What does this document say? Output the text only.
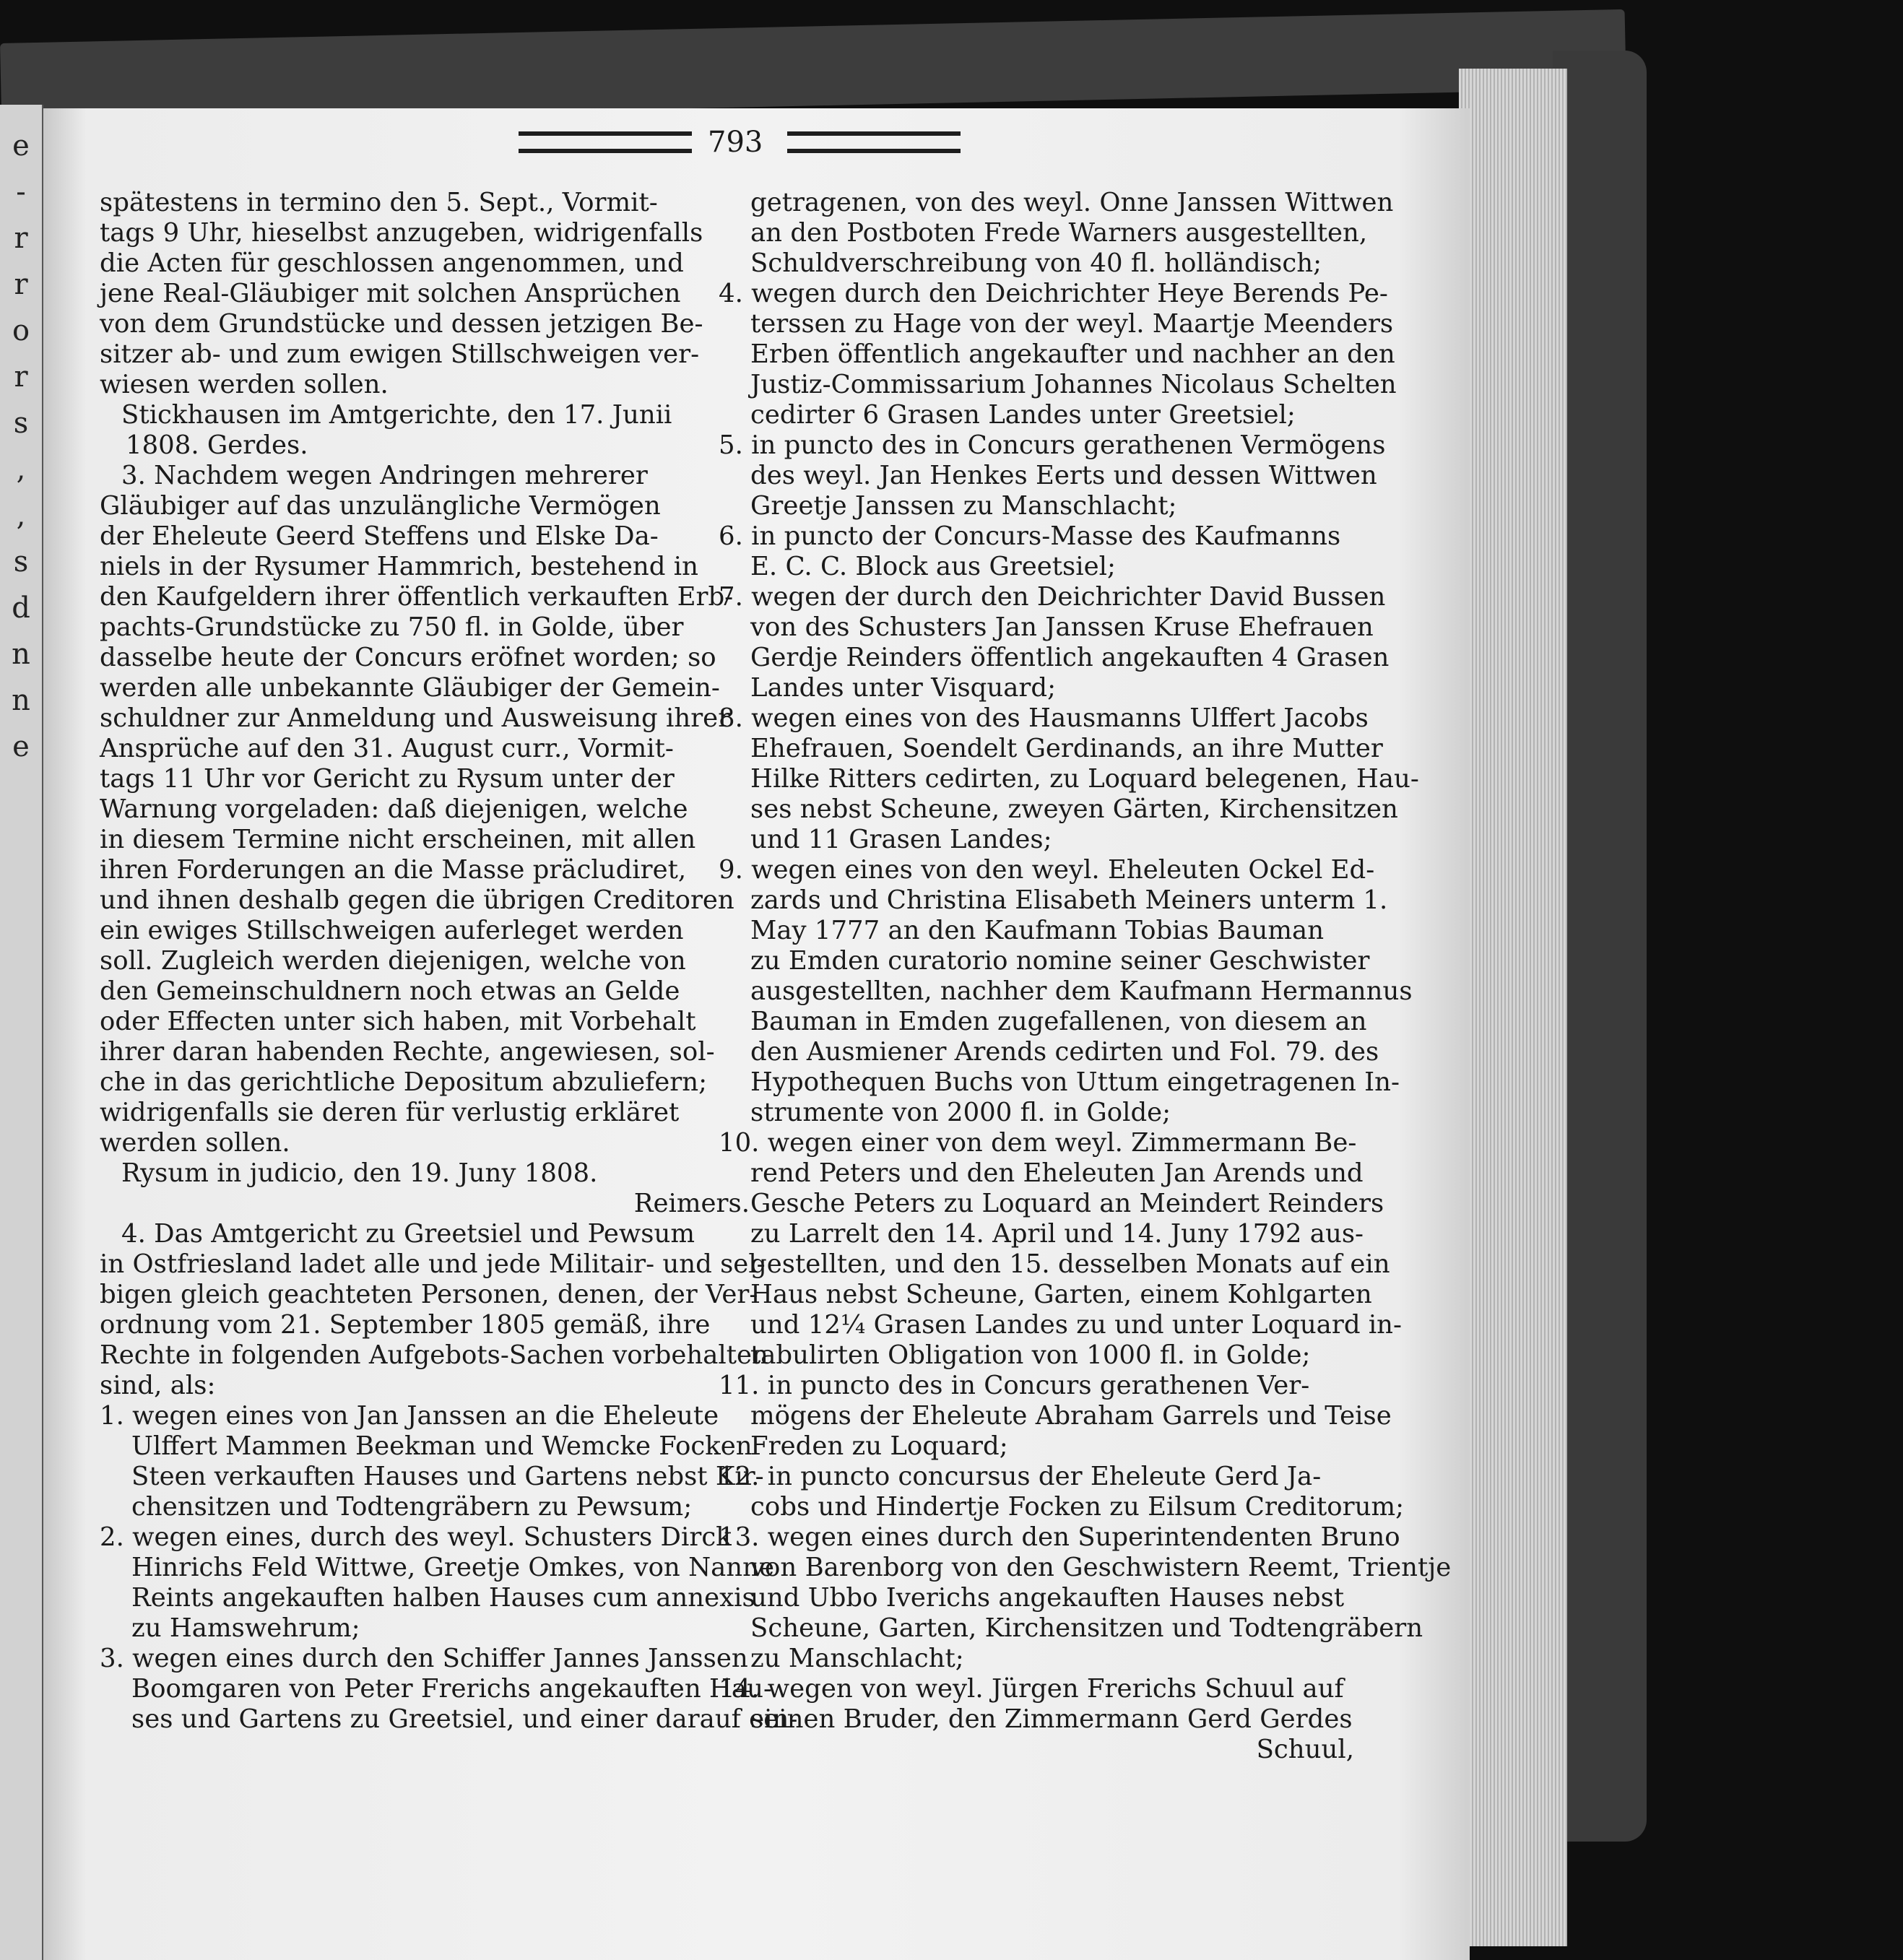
e
-
r
r
o
r
s
,
,
s
d
n
n
e
793
spätestens in termino den 5. Sept., Vormit-
tags 9 Uhr, hieselbst anzugeben, widrigenfalls
die Acten für geschlossen angenommen, und
jene Real-Gläubiger mit solchen Ansprüchen
von dem Grundstücke und dessen jetzigen Be-
sitzer ab- und zum ewigen Stillschweigen ver-
wiesen werden sollen.
Stickhausen im Amtgerichte, den 17. Junii
1808. Gerdes.
3. Nachdem wegen Andringen mehrerer
Gläubiger auf das unzulängliche Vermögen
der Eheleute Geerd Steffens und Elske Da-
niels in der Rysumer Hammrich, bestehend in
den Kaufgeldern ihrer öffentlich verkauften Erb-
pachts-Grundstücke zu 750 fl. in Golde, über
dasselbe heute der Concurs eröfnet worden; so
werden alle unbekannte Gläubiger der Gemein-
schuldner zur Anmeldung und Ausweisung ihrer
Ansprüche auf den 31. August curr., Vormit-
tags 11 Uhr vor Gericht zu Rysum unter der
Warnung vorgeladen: daß diejenigen, welche
in diesem Termine nicht erscheinen, mit allen
ihren Forderungen an die Masse präcludiret,
und ihnen deshalb gegen die übrigen Creditoren
ein ewiges Stillschweigen auferleget werden
soll. Zugleich werden diejenigen, welche von
den Gemeinschuldnern noch etwas an Gelde
oder Effecten unter sich haben, mit Vorbehalt
ihrer daran habenden Rechte, angewiesen, sol-
che in das gerichtliche Depositum abzuliefern;
widrigenfalls sie deren für verlustig erkläret
werden sollen.
Rysum in judicio, den 19. Juny 1808.
Reimers.
4. Das Amtgericht zu Greetsiel und Pewsum
in Ostfriesland ladet alle und jede Militair- und sel-
bigen gleich geachteten Personen, denen, der Ver-
ordnung vom 21. September 1805 gemäß, ihre
Rechte in folgenden Aufgebots-Sachen vorbehalten
sind, als:
1. wegen eines von Jan Janssen an die Eheleute
Ulffert Mammen Beekman und Wemcke Focken
Steen verkauften Hauses und Gartens nebst Kir-
chensitzen und Todtengräbern zu Pewsum;
2. wegen eines, durch des weyl. Schusters Dirck
Hinrichs Feld Wittwe, Greetje Omkes, von Nanne
Reints angekauften halben Hauses cum annexis
zu Hamswehrum;
3. wegen eines durch den Schiffer Jannes Janssen
Boomgaren von Peter Frerichs angekauften Hau-
ses und Gartens zu Greetsiel, und einer darauf ein-
getragenen, von des weyl. Onne Janssen Wittwen
an den Postboten Frede Warners ausgestellten,
Schuldverschreibung von 40 fl. holländisch;
4. wegen durch den Deichrichter Heye Berends Pe-
terssen zu Hage von der weyl. Maartje Meenders
Erben öffentlich angekaufter und nachher an den
Justiz-Commissarium Johannes Nicolaus Schelten
cedirter 6 Grasen Landes unter Greetsiel;
5. in puncto des in Concurs gerathenen Vermögens
des weyl. Jan Henkes Eerts und dessen Wittwen
Greetje Janssen zu Manschlacht;
6. in puncto der Concurs-Masse des Kaufmanns
E. C. C. Block aus Greetsiel;
7. wegen der durch den Deichrichter David Bussen
von des Schusters Jan Janssen Kruse Ehefrauen
Gerdje Reinders öffentlich angekauften 4 Grasen
Landes unter Visquard;
8. wegen eines von des Hausmanns Ulffert Jacobs
Ehefrauen, Soendelt Gerdinands, an ihre Mutter
Hilke Ritters cedirten, zu Loquard belegenen, Hau-
ses nebst Scheune, zweyen Gärten, Kirchensitzen
und 11 Grasen Landes;
9. wegen eines von den weyl. Eheleuten Ockel Ed-
zards und Christina Elisabeth Meiners unterm 1.
May 1777 an den Kaufmann Tobias Bauman
zu Emden curatorio nomine seiner Geschwister
ausgestellten, nachher dem Kaufmann Hermannus
Bauman in Emden zugefallenen, von diesem an
den Ausmiener Arends cedirten und Fol. 79. des
Hypothequen Buchs von Uttum eingetragenen In-
strumente von 2000 fl. in Golde;
10. wegen einer von dem weyl. Zimmermann Be-
rend Peters und den Eheleuten Jan Arends und
Gesche Peters zu Loquard an Meindert Reinders
zu Larrelt den 14. April und 14. Juny 1792 aus-
gestellten, und den 15. desselben Monats auf ein
Haus nebst Scheune, Garten, einem Kohlgarten
und 12¼ Grasen Landes zu und unter Loquard in-
tabulirten Obligation von 1000 fl. in Golde;
11. in puncto des in Concurs gerathenen Ver-
mögens der Eheleute Abraham Garrels und Teise
Freden zu Loquard;
12. in puncto concursus der Eheleute Gerd Ja-
cobs und Hindertje Focken zu Eilsum Creditorum;
13. wegen eines durch den Superintendenten Bruno
von Barenborg von den Geschwistern Reemt, Trientje
und Ubbo Iverichs angekauften Hauses nebst
Scheune, Garten, Kirchensitzen und Todtengräbern
zu Manschlacht;
14. wegen von weyl. Jürgen Frerichs Schuul auf
seinen Bruder, den Zimmermann Gerd Gerdes
Schuul,
